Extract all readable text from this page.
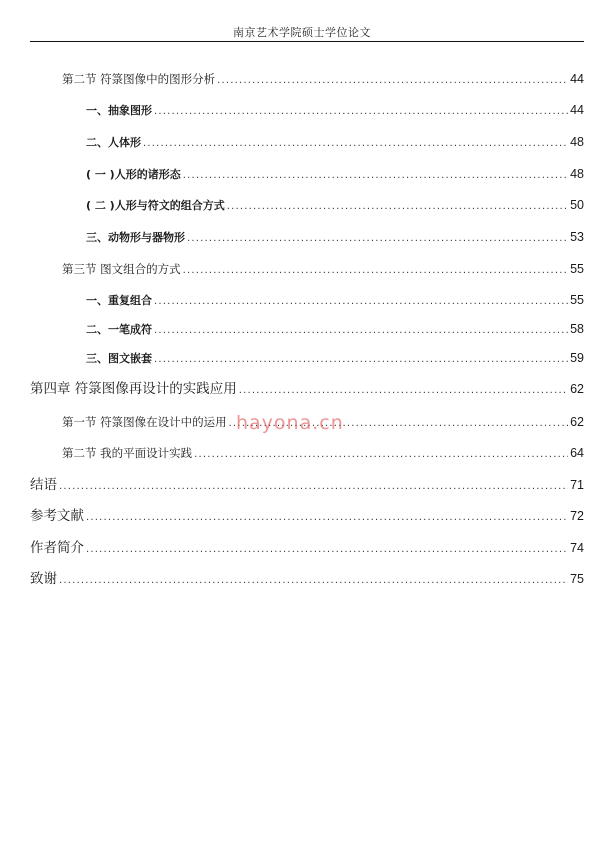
南京艺术学院硕士学位论文
第二节 符箓图像中的图形分析 .....	44
一、抽象图形 .....	44
二、人体形 .....	48
( 一 )人形的诸形态 .....	48
( 二 )人形与符文的组合方式 .....	50
三、动物形与器物形 .....	53
第三节 图文组合的方式 .....	55
一、重复组合 .....	55
二、一笔成符 .....	58
三、图文嵌套 .....	59
第四章 符箓图像再设计的实践应用 .....	62
第一节 符箓图像在设计中的运用 .....	62
第二节 我的平面设计实践 .....	64
结语 .....	71
参考文献 .....	72
作者简介 .....	74
致谢 .....	75
hayona.cn
